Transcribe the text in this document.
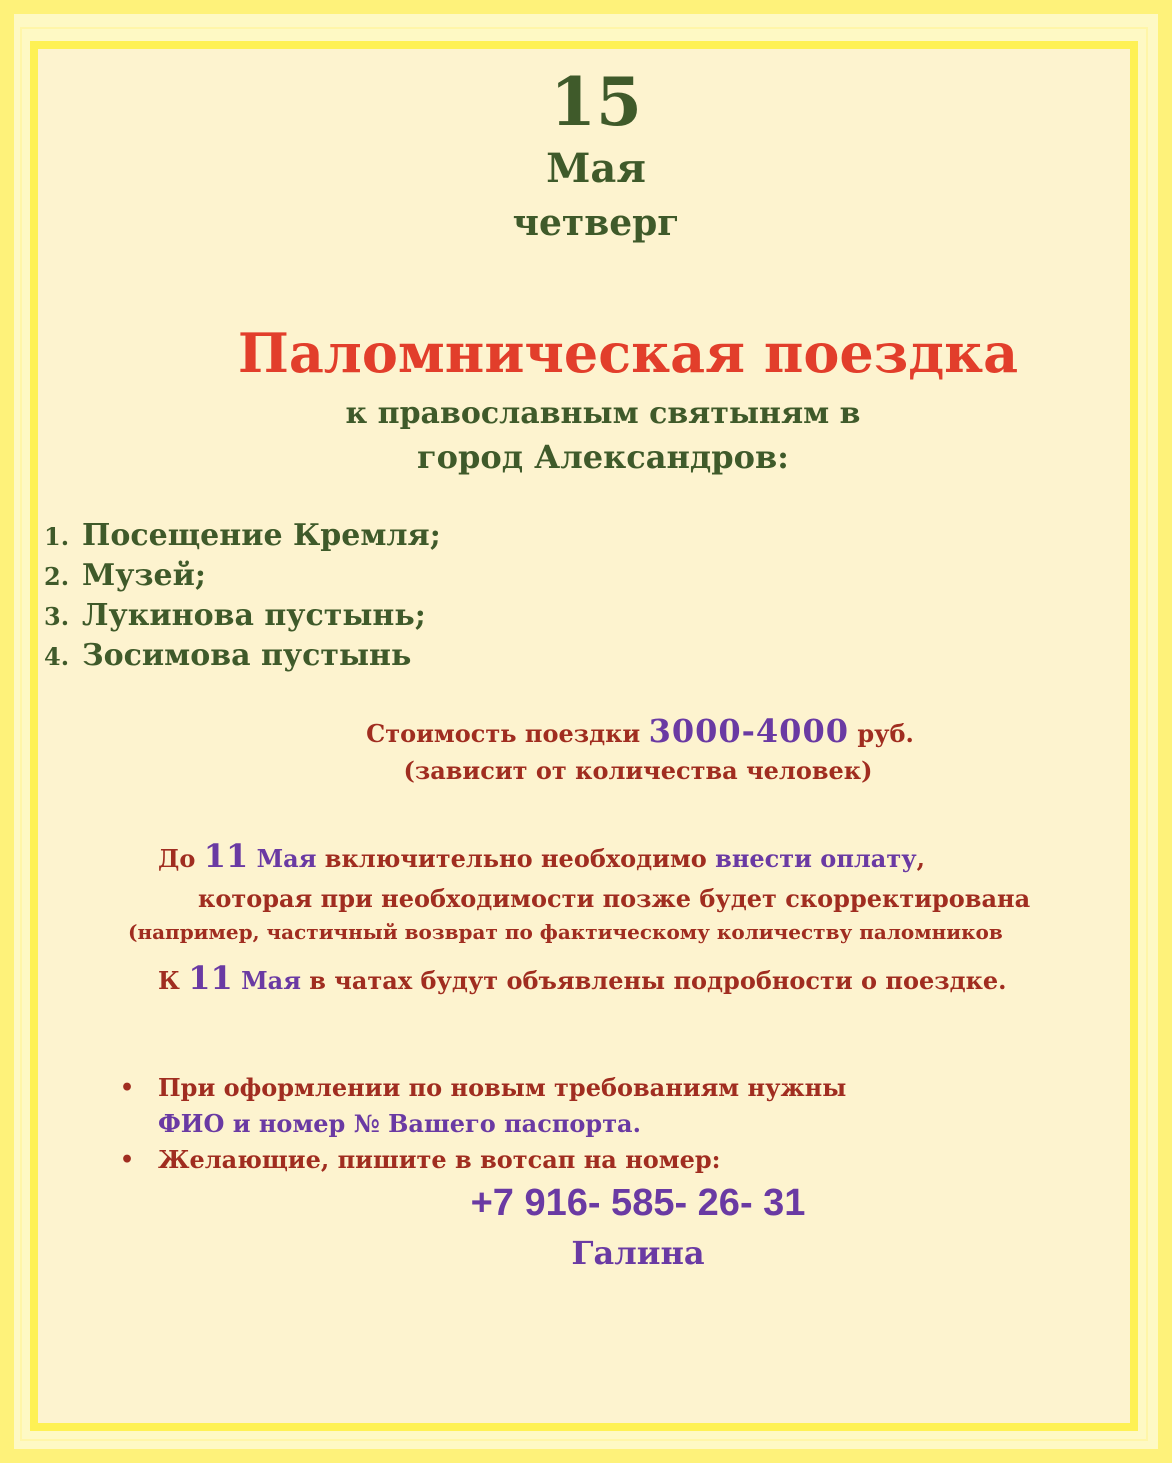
15
Мая
четверг
Паломническая поездка
к православным святыням в
город Александров:
1. Посещение Кремля;
2. Музей;
3. Лукинова пустынь;
4. Зосимова пустынь
Стоимость поездки 3000-4000 руб.
(зависит от количества человек)
До 11 Мая включительно необходимо внести оплату,
которая при необходимости позже будет скорректирована
(например, частичный возврат по фактическому количеству паломников
К 11 Мая в чатах будут объявлены подробности о поездке.
• При оформлении по новым требованиям нужны
ФИО и номер № Вашего паспорта.
• Желающие, пишите в вотсап на номер:
+7 916- 585- 26- 31
Галина
